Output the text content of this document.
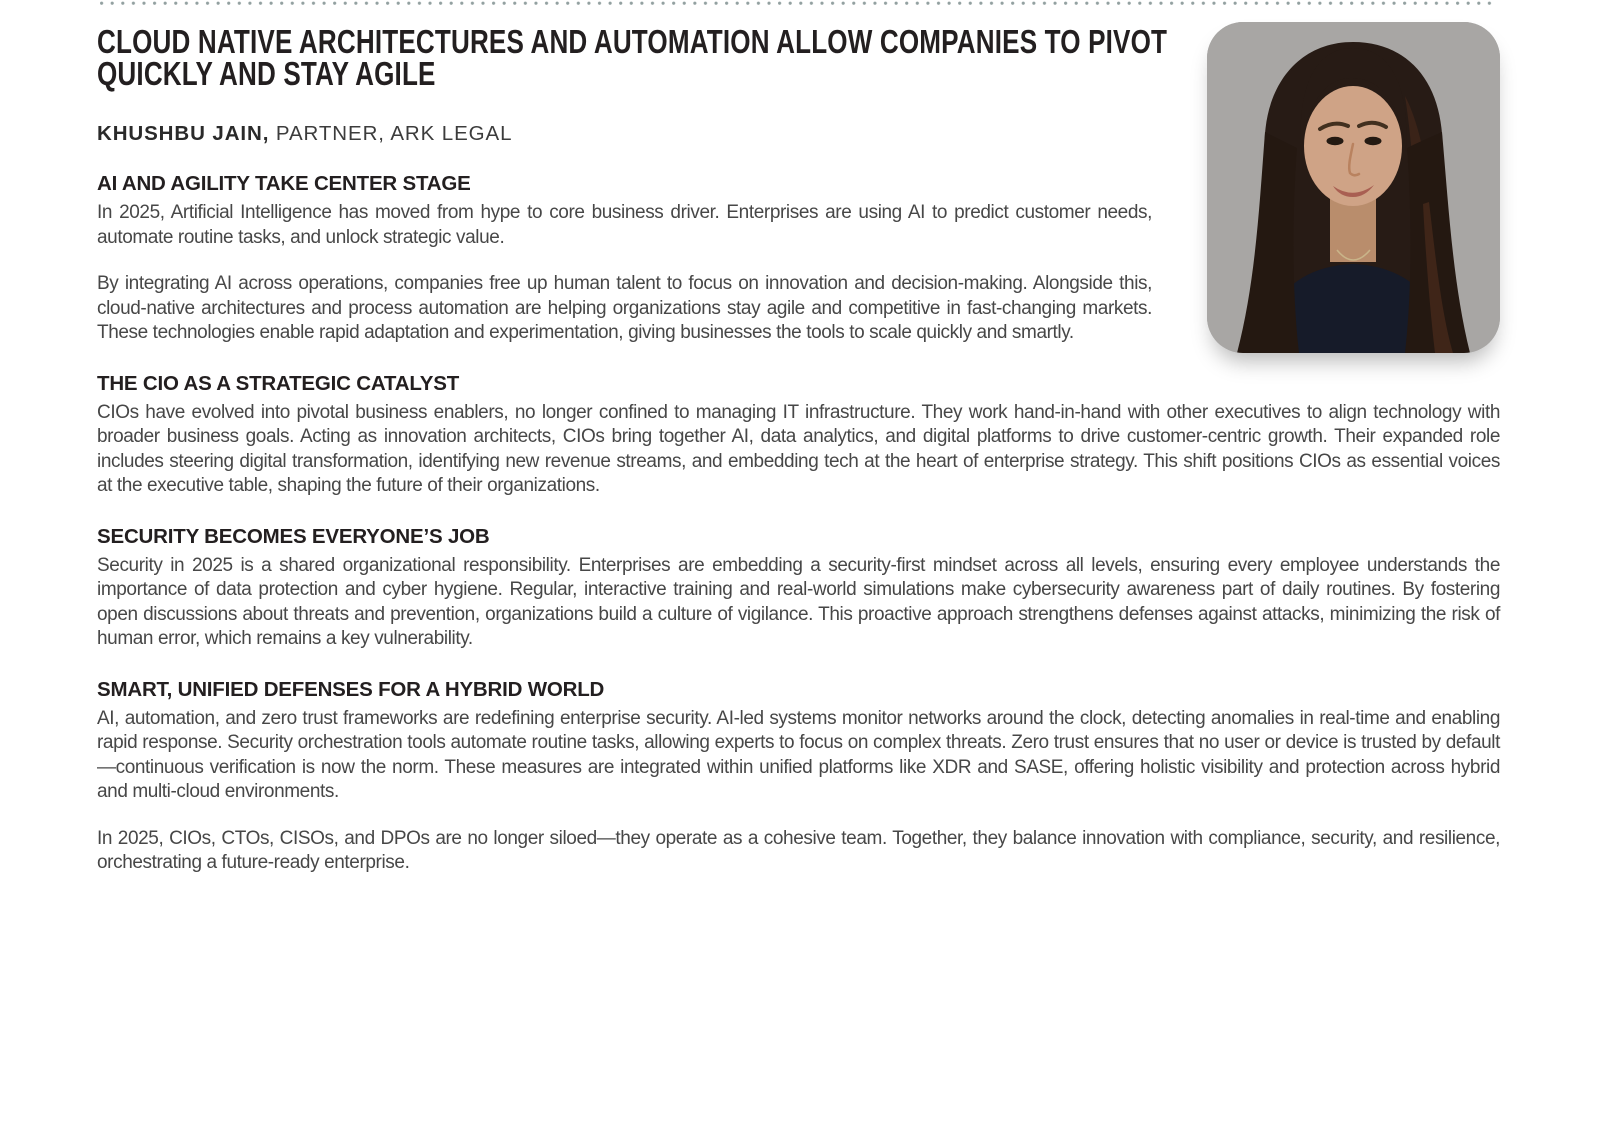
CLOUD NATIVE ARCHITECTURES AND AUTOMATION ALLOW COMPANIES TO PIVOT
QUICKLY AND STAY AGILE
KHUSHBU JAIN, PARTNER, ARK LEGAL
AI AND AGILITY TAKE CENTER STAGE

In 2025, Artificial Intelligence has moved from hype to core business driver. Enterprises are using AI to predict customer needs, automate routine tasks, and unlock strategic value.

By integrating AI across operations, companies free up human talent to focus on innovation and decision-making. Alongside this, cloud-native architectures and process automation are helping organizations stay agile and competitive in fast-changing markets. These technologies enable rapid adaptation and experimentation, giving businesses the tools to scale quickly and smartly.

THE CIO AS A STRATEGIC CATALYST

CIOs have evolved into pivotal business enablers, no longer confined to managing IT infrastructure. They work hand-in-hand with other executives to align technology with broader business goals. Acting as innovation architects, CIOs bring together AI, data analytics, and digital platforms to drive customer-centric growth. Their expanded role includes steering digital transformation, identifying new revenue streams, and embedding tech at the heart of enterprise strategy. This shift positions CIOs as essential voices at the executive table, shaping the future of their organizations.

SECURITY BECOMES EVERYONE’S JOB

Security in 2025 is a shared organizational responsibility. Enterprises are embedding a security-first mindset across all levels, ensuring every employee understands the importance of data protection and cyber hygiene. Regular, interactive training and real-world simulations make cybersecurity awareness part of daily routines. By fostering open discussions about threats and prevention, organizations build a culture of vigilance. This proactive approach strengthens defenses against attacks, minimizing the risk of human error, which remains a key vulnerability.

SMART, UNIFIED DEFENSES FOR A HYBRID WORLD

AI, automation, and zero trust frameworks are redefining enterprise security. AI-led systems monitor networks around the clock, detecting anomalies in real-time and enabling rapid response. Security orchestration tools automate routine tasks, allowing experts to focus on complex threats. Zero trust ensures that no user or device is trusted by default—continuous verification is now the norm. These measures are integrated within unified platforms like XDR and SASE, offering holistic visibility and protection across hybrid and multi-cloud environments.

In 2025, CIOs, CTOs, CISOs, and DPOs are no longer siloed—they operate as a cohesive team. Together, they balance innovation with compliance, security, and resilience, orchestrating a future-ready enterprise.
